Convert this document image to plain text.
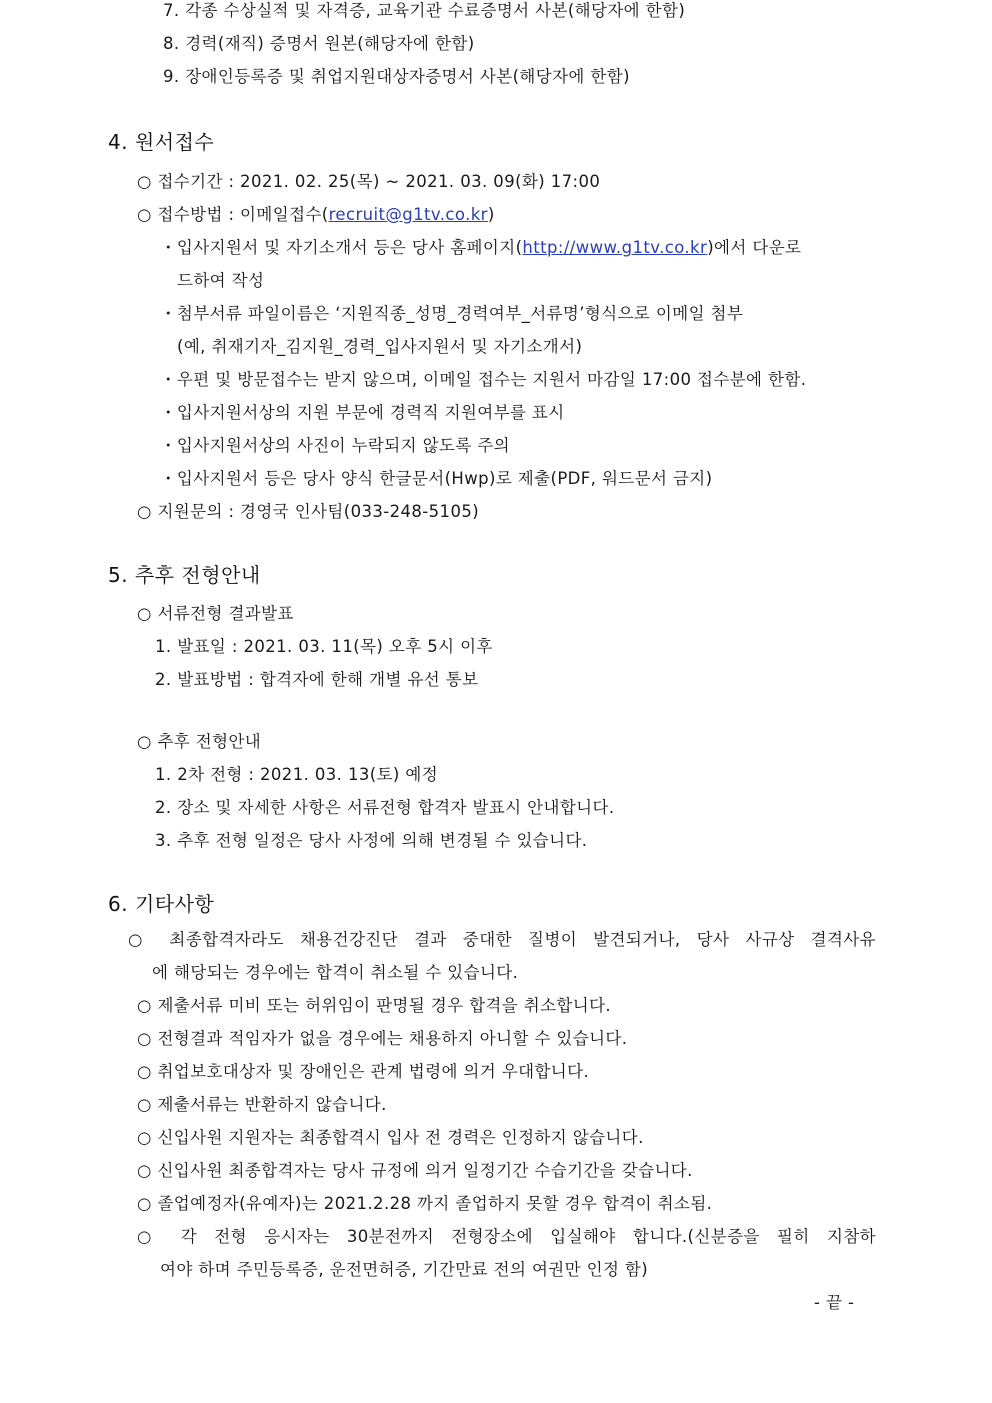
7. 각종 수상실적 및 자격증, 교육기관 수료증명서 사본(해당자에 한함)
8. 경력(재직) 증명서 원본(해당자에 한함)
9. 장애인등록증 및 취업지원대상자증명서 사본(해당자에 한함)
4. 원서접수
○ 접수기간 : 2021. 02. 25(목) ~ 2021. 03. 09(화) 17:00
○ 접수방법 : 이메일접수(recruit@g1tv.co.kr)
・입사지원서 및 자기소개서 등은 당사 홈페이지(http://www.g1tv.co.kr)에서 다운로
드하여 작성
・첨부서류 파일이름은 ‘지원직종_성명_경력여부_서류명’형식으로 이메일 첨부
(예, 취재기자_김지원_경력_입사지원서 및 자기소개서)
・우편 및 방문접수는 받지 않으며, 이메일 접수는 지원서 마감일 17:00 접수분에 한함.
・입사지원서상의 지원 부문에 경력직 지원여부를 표시
・입사지원서상의 사진이 누락되지 않도록 주의
・입사지원서 등은 당사 양식 한글문서(Hwp)로 제출(PDF, 워드문서 금지)
○ 지원문의 : 경영국 인사팀(033-248-5105)
5. 추후 전형안내
○ 서류전형 결과발표
1. 발표일 : 2021. 03. 11(목) 오후 5시 이후
2. 발표방법 : 합격자에 한해 개별 유선 통보
○ 추후 전형안내
1. 2차 전형 : 2021. 03. 13(토) 예정
2. 장소 및 자세한 사항은 서류전형 합격자 발표시 안내합니다.
3. 추후 전형 일정은 당사 사정에 의해 변경될 수 있습니다.
6. 기타사항
○ 최종합격자라도 채용건강진단 결과 중대한 질병이 발견되거나, 당사 사규상 결격사유
에 해당되는 경우에는 합격이 취소될 수 있습니다.
○ 제출서류 미비 또는 허위임이 판명될 경우 합격을 취소합니다.
○ 전형결과 적임자가 없을 경우에는 채용하지 아니할 수 있습니다.
○ 취업보호대상자 및 장애인은 관계 법령에 의거 우대합니다.
○ 제출서류는 반환하지 않습니다.
○ 신입사원 지원자는 최종합격시 입사 전 경력은 인정하지 않습니다.
○ 신입사원 최종합격자는 당사 규정에 의거 일정기간 수습기간을 갖습니다.
○ 졸업예정자(유예자)는 2021.2.28 까지 졸업하지 못할 경우 합격이 취소됨.
○ 각 전형 응시자는 30분전까지 전형장소에 입실해야 합니다.(신분증을 필히 지참하
여야 하며 주민등록증, 운전면허증, 기간만료 전의 여권만 인정 함)
- 끝 -
